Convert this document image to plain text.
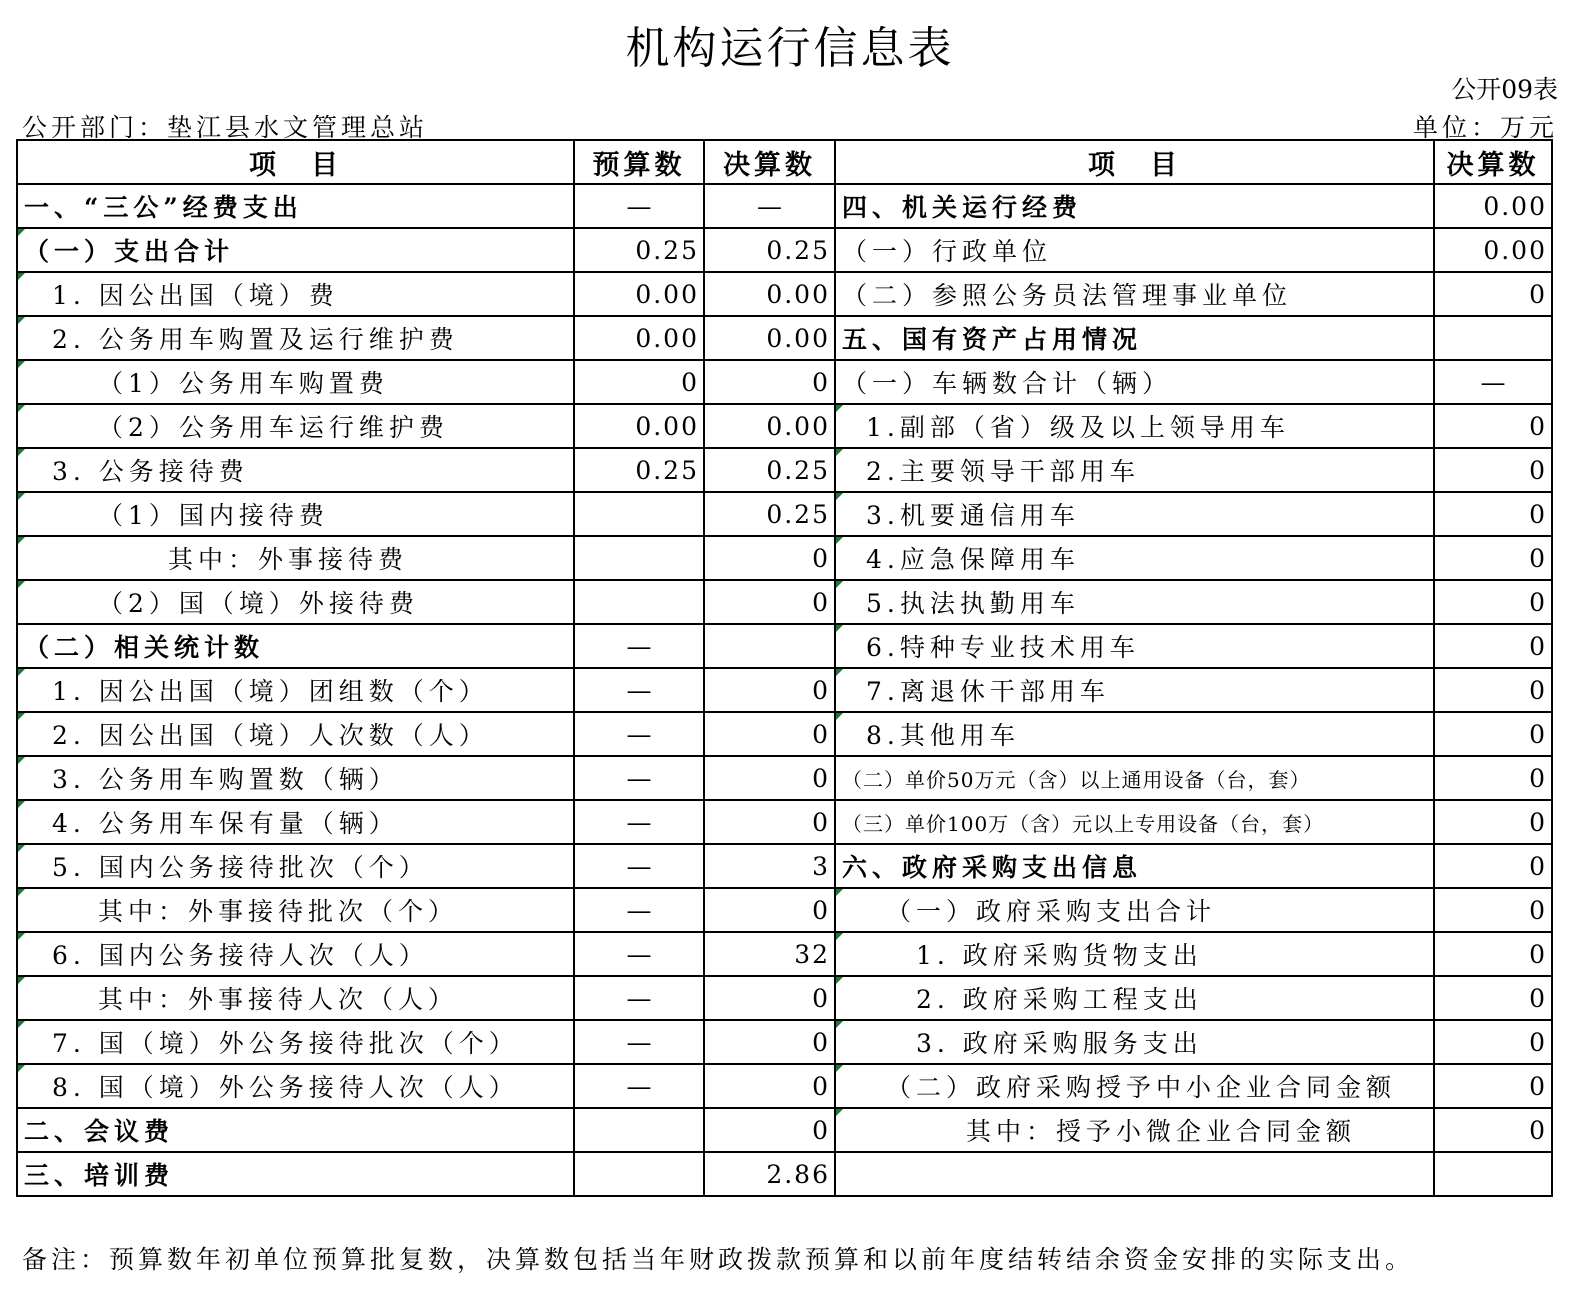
机构运行信息表
公开09表
公开部门：垫江县水文管理总站	单位：万元
项　目	预算数	决算数	项　目	决算数
一、“三公”经费支出	—	—	四、机关运行经费	0.00
（一）支出合计	0.25	0.25	（一）行政单位	0.00
1. 因公出国（境）费	0.00	0.00	（二）参照公务员法管理事业单位	0
2. 公务用车购置及运行维护费	0.00	0.00	五、国有资产占用情况	
（1）公务用车购置费	0	0	（一）车辆数合计（辆）	—
（2）公务用车运行维护费	0.00	0.00	1.副部（省）级及以上领导用车	0
3. 公务接待费	0.25	0.25	2.主要领导干部用车	0
（1）国内接待费		0.25	3.机要通信用车	0
其中：外事接待费		0	4.应急保障用车	0
（2）国（境）外接待费		0	5.执法执勤用车	0
（二）相关统计数	—		6.特种专业技术用车	0
1. 因公出国（境）团组数（个）	—	0	7.离退休干部用车	0
2. 因公出国（境）人次数（人）	—	0	8.其他用车	0
3. 公务用车购置数（辆）	—	0	（二）单价50万元（含）以上通用设备（台，套）	0
4. 公务用车保有量（辆）	—	0	（三）单价100万（含）元以上专用设备（台，套）	0
5. 国内公务接待批次（个）	—	3	六、政府采购支出信息	0
其中：外事接待批次（个）	—	0	（一）政府采购支出合计	0
6. 国内公务接待人次（人）	—	32	1. 政府采购货物支出	0
其中：外事接待人次（人）	—	0	2. 政府采购工程支出	0
7. 国（境）外公务接待批次（个）	—	0	3. 政府采购服务支出	0
8. 国（境）外公务接待人次（人）	—	0	（二）政府采购授予中小企业合同金额	0
二、会议费		0	其中：授予小微企业合同金额	0
三、培训费		2.86		
备注：预算数年初单位预算批复数，决算数包括当年财政拨款预算和以前年度结转结余资金安排的实际支出。
